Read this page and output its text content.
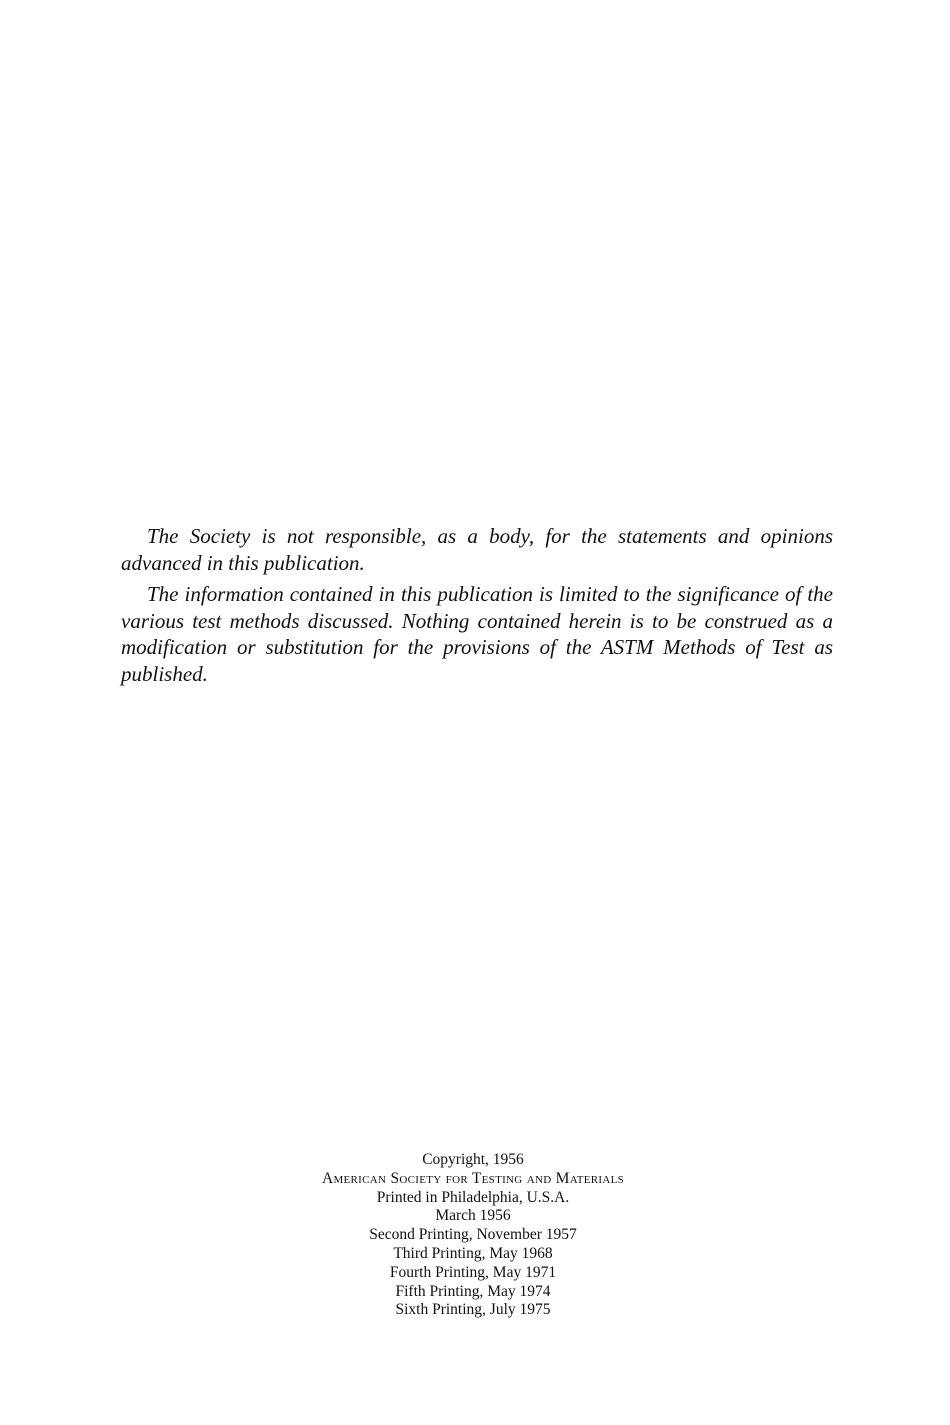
The Society is not responsible, as a body, for the statements and opinions advanced in this publication.

The information contained in this publication is limited to the significance of the various test methods discussed. Nothing contained herein is to be construed as a modification or substitution for the provisions of the ASTM Methods of Test as published.

Copyright, 1956
American Society for Testing and Materials
Printed in Philadelphia, U.S.A.
March 1956
Second Printing, November 1957
Third Printing, May 1968
Fourth Printing, May 1971
Fifth Printing, May 1974
Sixth Printing, July 1975
